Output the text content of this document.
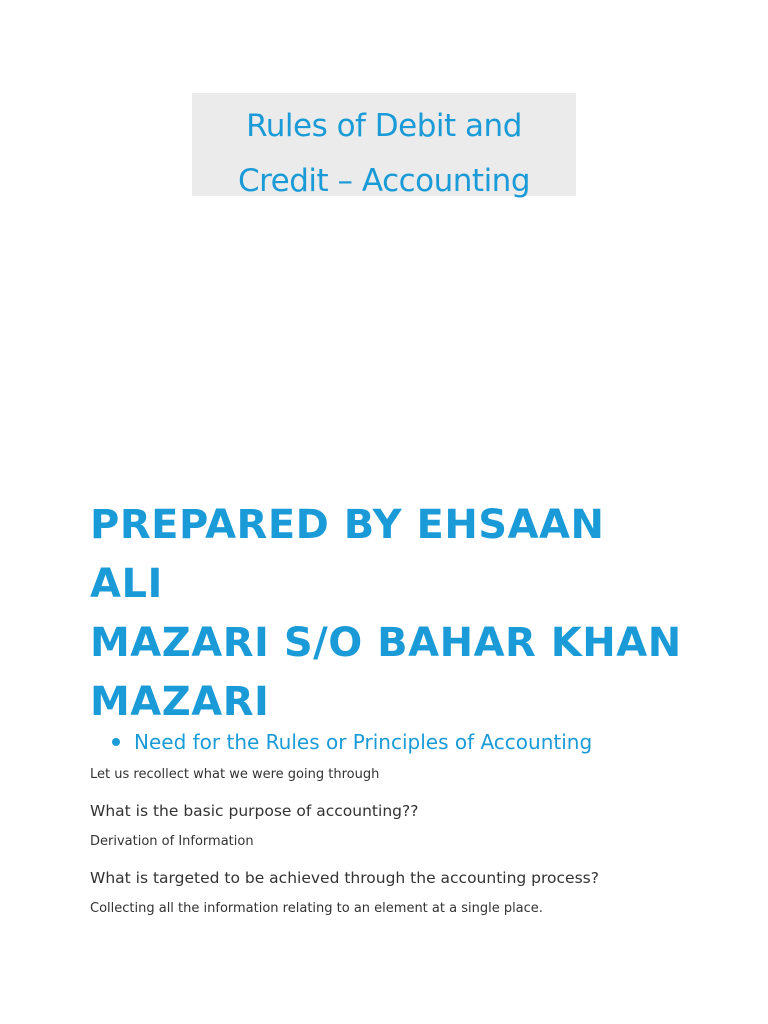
Rules of Debit and
Credit – Accounting
PREPARED BY EHSAAN ALI
MAZARI S/O BAHAR KHAN
MAZARI
Need for the Rules or Principles of Accounting
Let us recollect what we were going through
What is the basic purpose of accounting??
Derivation of Information
What is targeted to be achieved through the accounting process?
Collecting all the information relating to an element at a single place.
